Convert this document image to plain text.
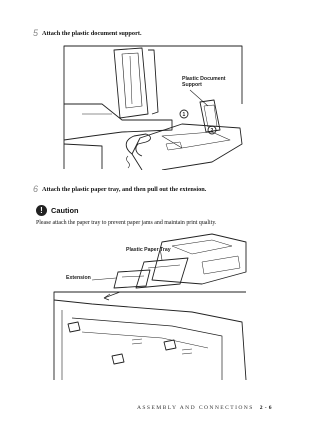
5 Attach the plastic document support.
Plastic Document
Support
1
2
6 Attach the plastic paper tray, and then pull out the extension.
!	Caution
Please attach the paper tray to prevent paper jams and maintain print quality.
Plastic Paper Tray
Extension
ASSEMBLY AND CONNECTIONS 2 - 6
